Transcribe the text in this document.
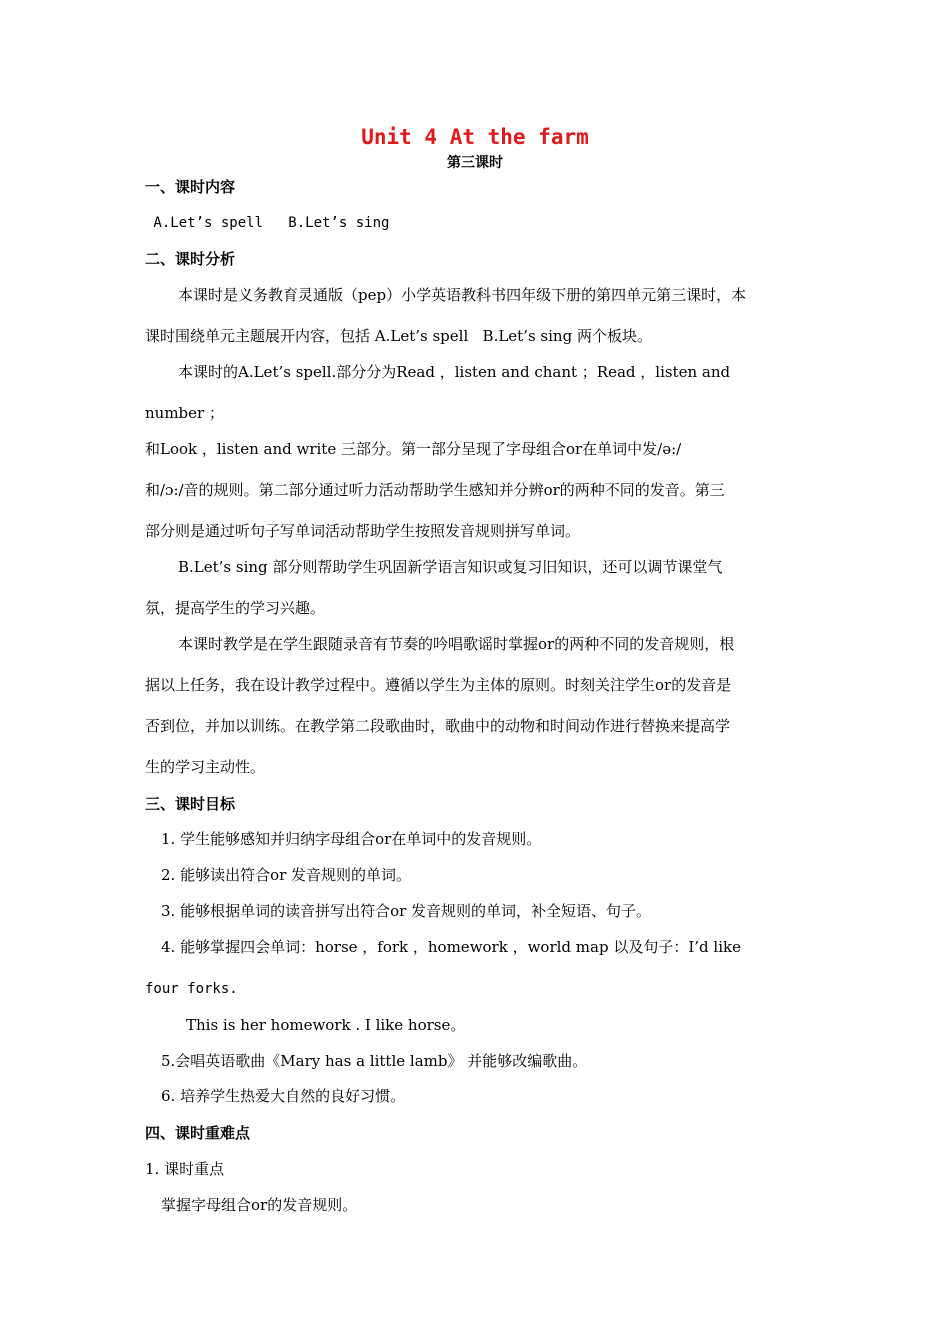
Unit 4 At the farm
第三课时
一、课时内容
A.Let’s spell   B.Let’s sing
二、课时分析
本课时是义务教育灵通版（pep）小学英语教科书四年级下册的第四单元第三课时，本
课时围绕单元主题展开内容，包括 A.Let’s spell   B.Let’s sing 两个板块。
本课时的A.Let’s spell.部分分为Read ，listen and chant ；Read ，listen and
number ；
和Look ，listen and write 三部分。第一部分呈现了字母组合or在单词中发/ə:/
和/ɔ:/音的规则。第二部分通过听力活动帮助学生感知并分辨or的两种不同的发音。第三
部分则是通过听句子写单词活动帮助学生按照发音规则拼写单词。
B.Let’s sing 部分则帮助学生巩固新学语言知识或复习旧知识，还可以调节课堂气
氛，提高学生的学习兴趣。
本课时教学是在学生跟随录音有节奏的吟唱歌谣时掌握or的两种不同的发音规则，根
据以上任务，我在设计教学过程中。遵循以学生为主体的原则。时刻关注学生or的发音是
否到位，并加以训练。在教学第二段歌曲时，歌曲中的动物和时间动作进行替换来提高学
生的学习主动性。
三、课时目标
1. 学生能够感知并归纳字母组合or在单词中的发音规则。
2. 能够读出符合or 发音规则的单词。
3. 能够根据单词的读音拼写出符合or 发音规则的单词，补全短语、句子。
4. 能够掌握四会单词：horse ，fork ，homework ，world map 以及句子：I’d like
four forks.
This is her homework . I like horse。
5.会唱英语歌曲《Mary has a little lamb》 并能够改编歌曲。
6. 培养学生热爱大自然的良好习惯。
四、课时重难点
1. 课时重点
掌握字母组合or的发音规则。
